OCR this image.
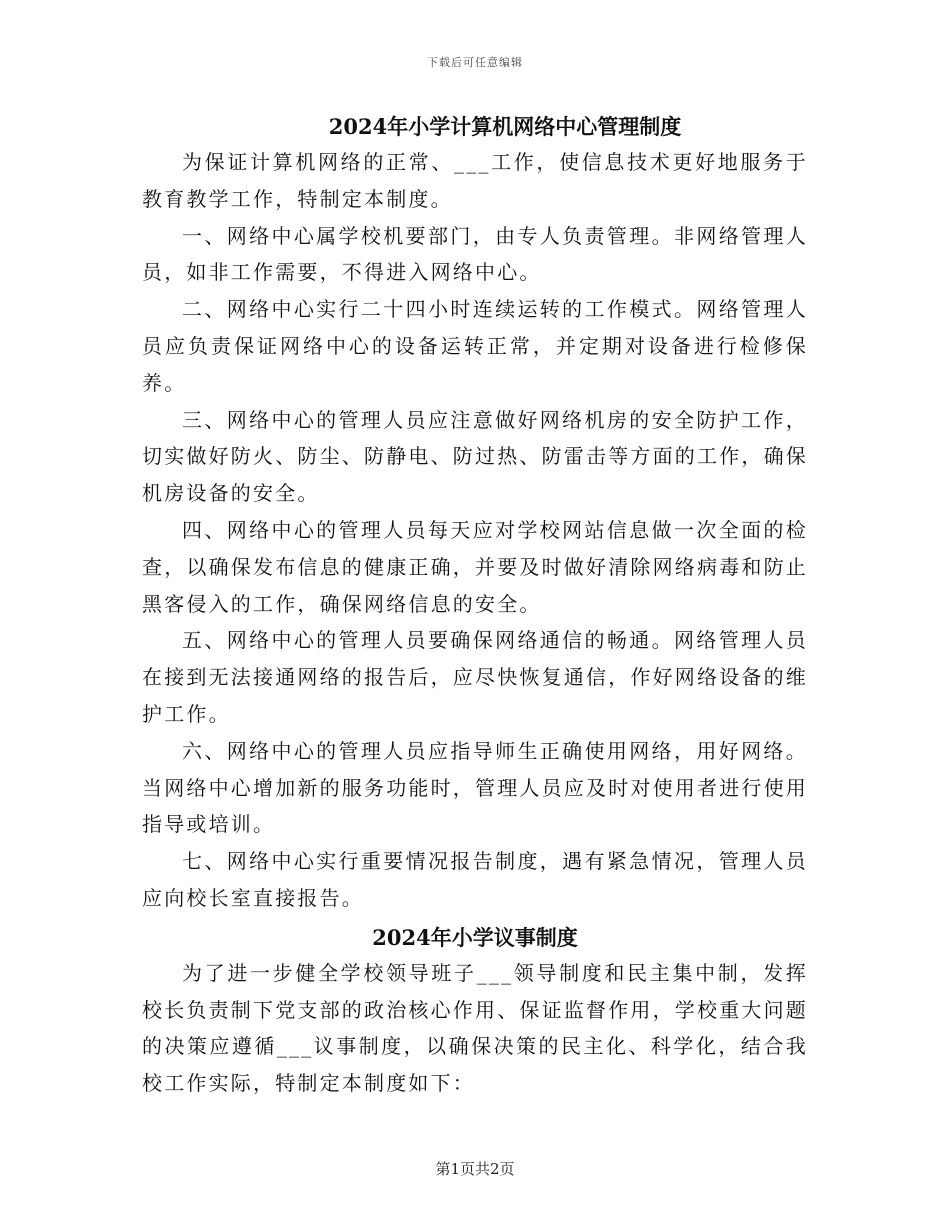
下载后可任意编辑
2024年小学计算机网络中心管理制度

为保证计算机网络的正常、___工作，使信息技术更好地服务于教育教学工作，特制定本制度。

一、网络中心属学校机要部门，由专人负责管理。非网络管理人员，如非工作需要，不得进入网络中心。

二、网络中心实行二十四小时连续运转的工作模式。网络管理人员应负责保证网络中心的设备运转正常，并定期对设备进行检修保养。

三、网络中心的管理人员应注意做好网络机房的安全防护工作，切实做好防火、防尘、防静电、防过热、防雷击等方面的工作，确保机房设备的安全。

四、网络中心的管理人员每天应对学校网站信息做一次全面的检查，以确保发布信息的健康正确，并要及时做好清除网络病毒和防止黑客侵入的工作，确保网络信息的安全。

五、网络中心的管理人员要确保网络通信的畅通。网络管理人员在接到无法接通网络的报告后，应尽快恢复通信，作好网络设备的维护工作。

六、网络中心的管理人员应指导师生正确使用网络，用好网络。当网络中心增加新的服务功能时，管理人员应及时对使用者进行使用指导或培训。

七、网络中心实行重要情况报告制度，遇有紧急情况，管理人员应向校长室直接报告。

2024年小学议事制度

为了进一步健全学校领导班子___领导制度和民主集中制，发挥校长负责制下党支部的政治核心作用、保证监督作用，学校重大问题的决策应遵循___议事制度，以确保决策的民主化、科学化，结合我校工作实际，特制定本制度如下：

第1页共2页
